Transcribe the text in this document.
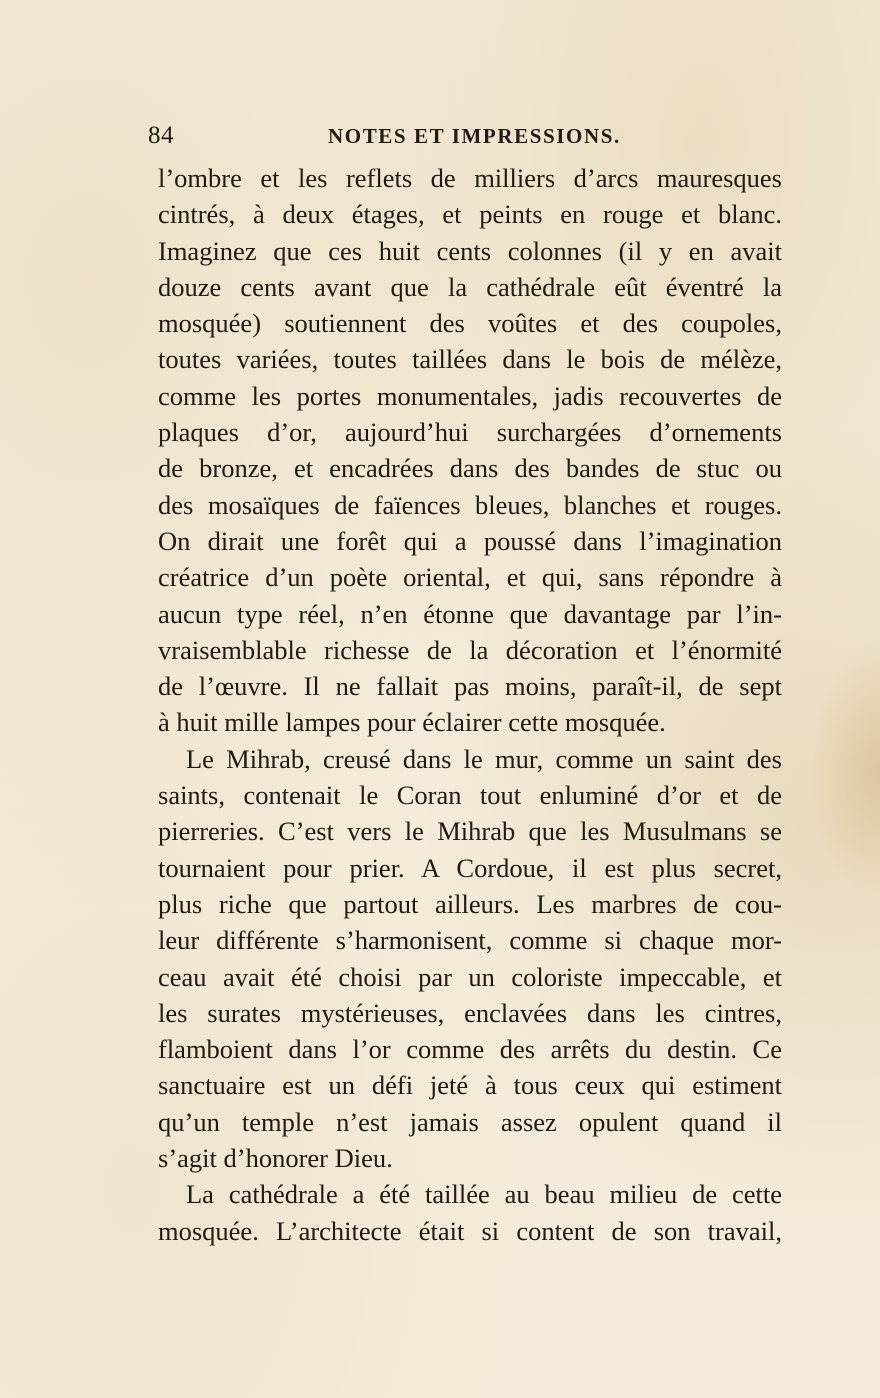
84	NOTES ET IMPRESSIONS.
l’ombre et les reflets de milliers d’arcs mauresques
cintrés, à deux étages, et peints en rouge et blanc.
Imaginez que ces huit cents colonnes (il y en avait
douze cents avant que la cathédrale eût éventré la
mosquée) soutiennent des voûtes et des coupoles,
toutes variées, toutes taillées dans le bois de mélèze,
comme les portes monumentales, jadis recouvertes de
plaques d’or, aujourd’hui surchargées d’ornements
de bronze, et encadrées dans des bandes de stuc ou
des mosaïques de faïences bleues, blanches et rouges.
On dirait une forêt qui a poussé dans l’imagination
créatrice d’un poète oriental, et qui, sans répondre à
aucun type réel, n’en étonne que davantage par l’in-
vraisemblable richesse de la décoration et l’énormité
de l’œuvre. Il ne fallait pas moins, paraît-il, de sept
à huit mille lampes pour éclairer cette mosquée.
Le Mihrab, creusé dans le mur, comme un saint des
saints, contenait le Coran tout enluminé d’or et de
pierreries. C’est vers le Mihrab que les Musulmans se
tournaient pour prier. A Cordoue, il est plus secret,
plus riche que partout ailleurs. Les marbres de cou-
leur différente s’harmonisent, comme si chaque mor-
ceau avait été choisi par un coloriste impeccable, et
les surates mystérieuses, enclavées dans les cintres,
flamboient dans l’or comme des arrêts du destin. Ce
sanctuaire est un défi jeté à tous ceux qui estiment
qu’un temple n’est jamais assez opulent quand il
s’agit d’honorer Dieu.
La cathédrale a été taillée au beau milieu de cette
mosquée. L’architecte était si content de son travail,
